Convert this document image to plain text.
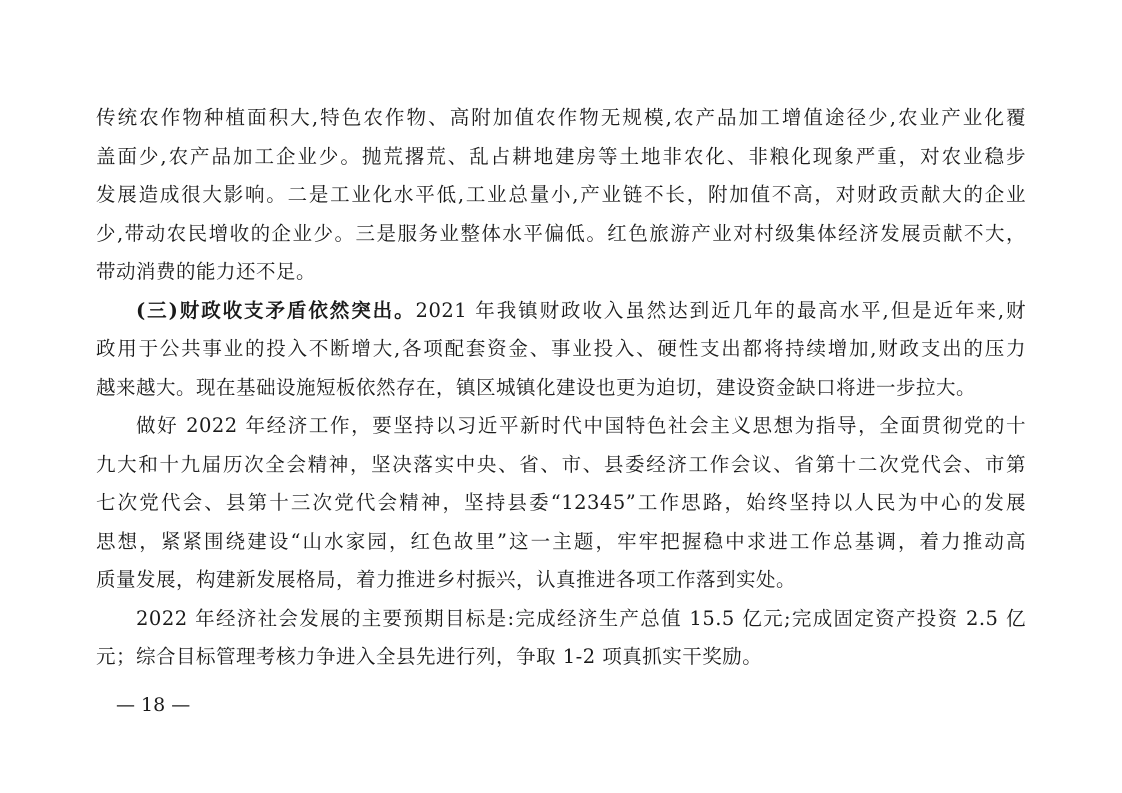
传统农作物种植面积大,特色农作物、高附加值农作物无规模,农产品加工增值途径少,农业产业化覆
盖面少,农产品加工企业少。抛荒撂荒、乱占耕地建房等土地非农化、非粮化现象严重，对农业稳步
发展造成很大影响。二是工业化水平低,工业总量小,产业链不长，附加值不高，对财政贡献大的企业
少,带动农民增收的企业少。三是服务业整体水平偏低。红色旅游产业对村级集体经济发展贡献不大，
带动消费的能力还不足。
(三)财政收支矛盾依然突出。2021 年我镇财政收入虽然达到近几年的最高水平,但是近年来,财
政用于公共事业的投入不断增大,各项配套资金、事业投入、硬性支出都将持续增加,财政支出的压力
越来越大。现在基础设施短板依然存在，镇区城镇化建设也更为迫切，建设资金缺口将进一步拉大。
做好 2022 年经济工作，要坚持以习近平新时代中国特色社会主义思想为指导，全面贯彻党的十
九大和十九届历次全会精神，坚决落实中央、省、市、县委经济工作会议、省第十二次党代会、市第
七次党代会、县第十三次党代会精神，坚持县委“12345”工作思路，始终坚持以人民为中心的发展
思想，紧紧围绕建设“山水家园，红色故里”这一主题，牢牢把握稳中求进工作总基调，着力推动高
质量发展，构建新发展格局，着力推进乡村振兴，认真推进各项工作落到实处。
2022 年经济社会发展的主要预期目标是:完成经济生产总值 15.5 亿元;完成固定资产投资 2.5 亿
元；综合目标管理考核力争进入全县先进行列，争取 1-2 项真抓实干奖励。
— 18 —
